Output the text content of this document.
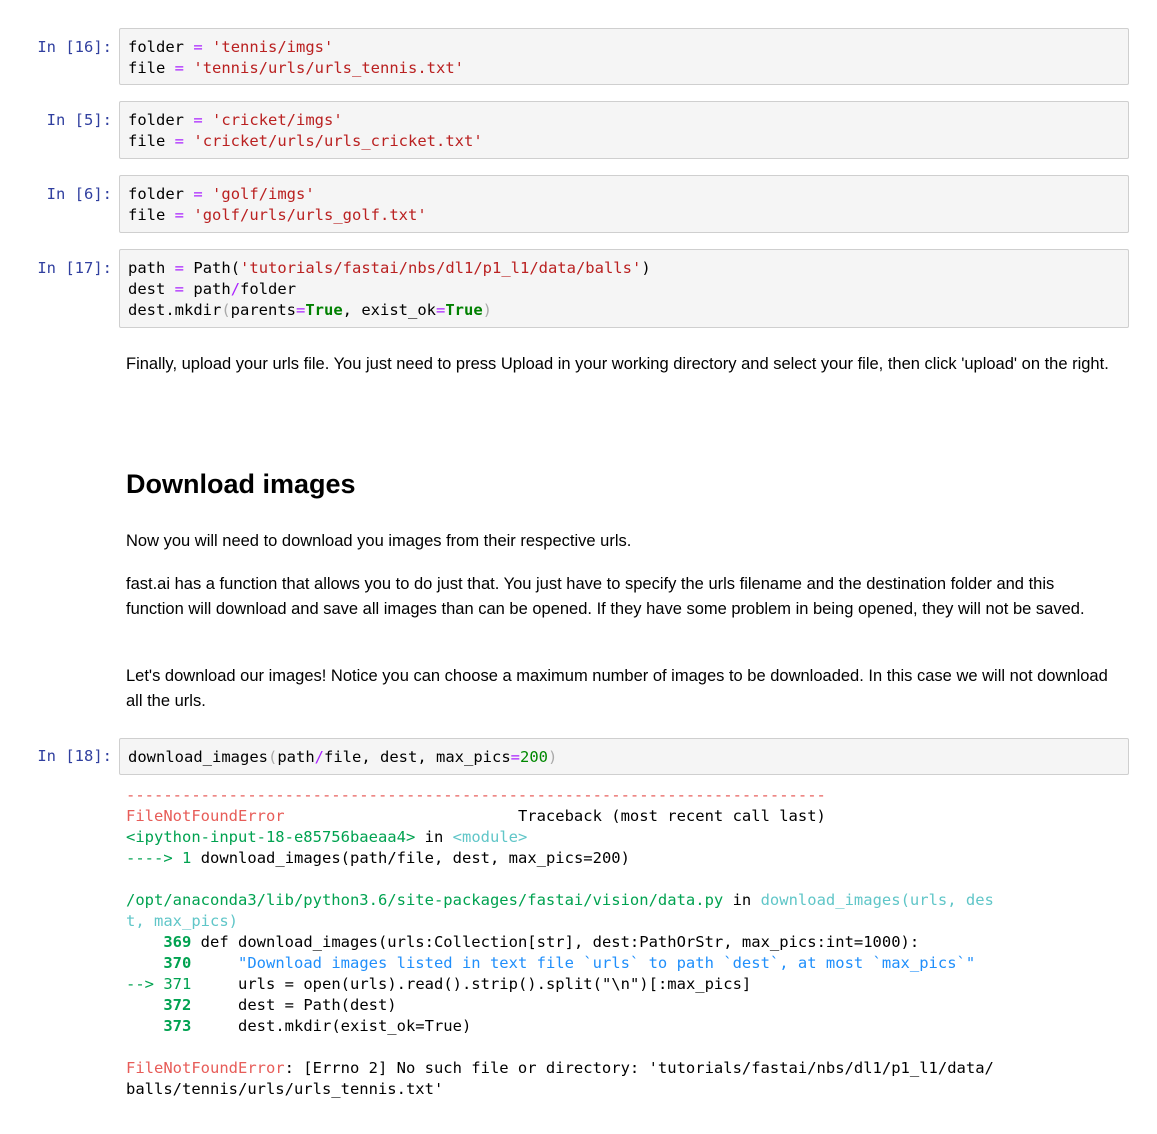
In [16]:	folder = 'tennis/imgs'
file = 'tennis/urls/urls_tennis.txt'
In [5]:	folder = 'cricket/imgs'
file = 'cricket/urls/urls_cricket.txt'
In [6]:	folder = 'golf/imgs'
file = 'golf/urls/urls_golf.txt'
In [17]:	path = Path('tutorials/fastai/nbs/dl1/p1_l1/data/balls')
dest = path/folder
dest.mkdir(parents=True, exist_ok=True)

Finally, upload your urls file. You just need to press Upload in your working directory and select your file, then click 'upload' on the right.

Download images

Now you will need to download you images from their respective urls.

fast.ai has a function that allows you to do just that. You just have to specify the urls filename and the destination folder and this function will download and save all images than can be opened. If they have some problem in being opened, they will not be saved.

Let's download our images! Notice you can choose a maximum number of images to be downloaded. In this case we will not download all the urls.

In [18]:	download_images(path/file, dest, max_pics=200)
---------------------------------------------------------------------------
FileNotFoundError	Traceback (most recent call last)
<ipython-input-18-e85756baeaa4> in <module>
----> 1 download_images(path/file, dest, max_pics=200)

/opt/anaconda3/lib/python3.6/site-packages/fastai/vision/data.py in download_images(urls, des
t, max_pics)
369 def download_images(urls:Collection[str], dest:PathOrStr, max_pics:int=1000):
370	"Download images listed in text file `urls` to path `dest`, at most `max_pics`"
--> 371	urls = open(urls).read().strip().split("\n")[:max_pics]
372	dest = Path(dest)
373	dest.mkdir(exist_ok=True)

FileNotFoundError: [Errno 2] No such file or directory: 'tutorials/fastai/nbs/dl1/p1_l1/data/
balls/tennis/urls/urls_tennis.txt'
